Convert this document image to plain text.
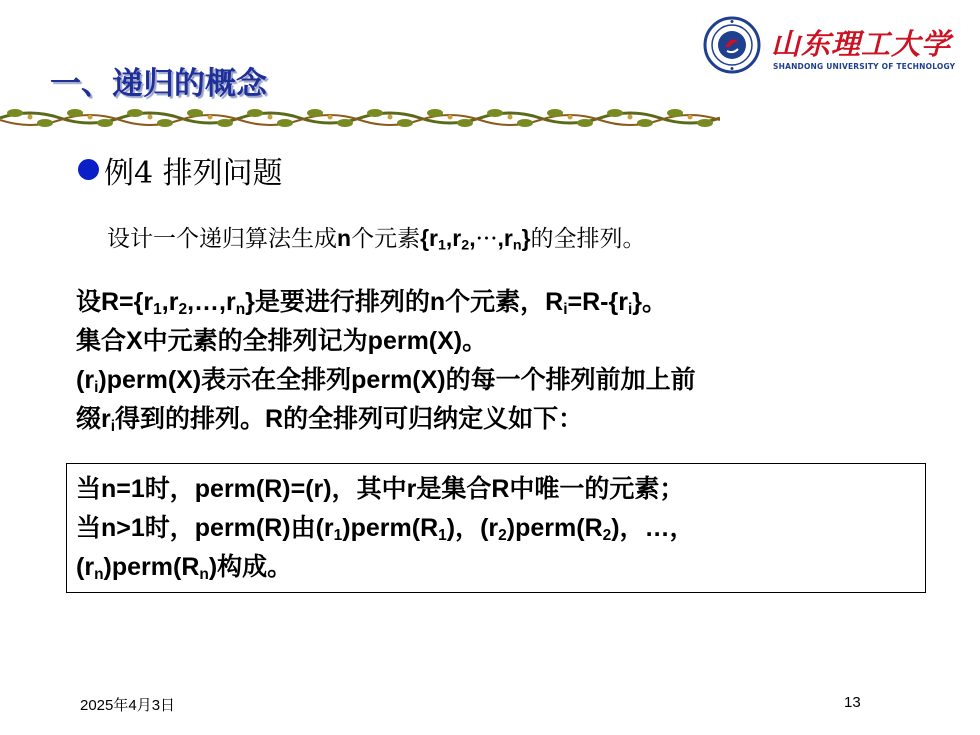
山东理工大学
SHANDONG UNIVERSITY OF TECHNOLOGY
一、递归的概念
例4 排列问题
设计一个递归算法生成n个元素$\{r_1,r_2,\cdot\cdot\cdot,r_n\}$的全排列。
设$R=\{r_1,r_2,\dots,r_n\}$是要进行排列的n个元素，$R_i=R-\{r_i\}$。
集合X中元素的全排列记为perm(X)。
$(r_i)perm(X)$表示在全排列perm(X)的每一个排列前加上前
缀$r_i$得到的排列。R的全排列可归纳定义如下：
当n=1时，perm(R)=(r)，其中r是集合R中唯一的元素；
当n>1时，perm(R)由$(r_1)perm(R_1)$，$(r_2)perm(R_2)$，…，
$(r_n)perm(R_n)$构成。
2025年4月3日	13
